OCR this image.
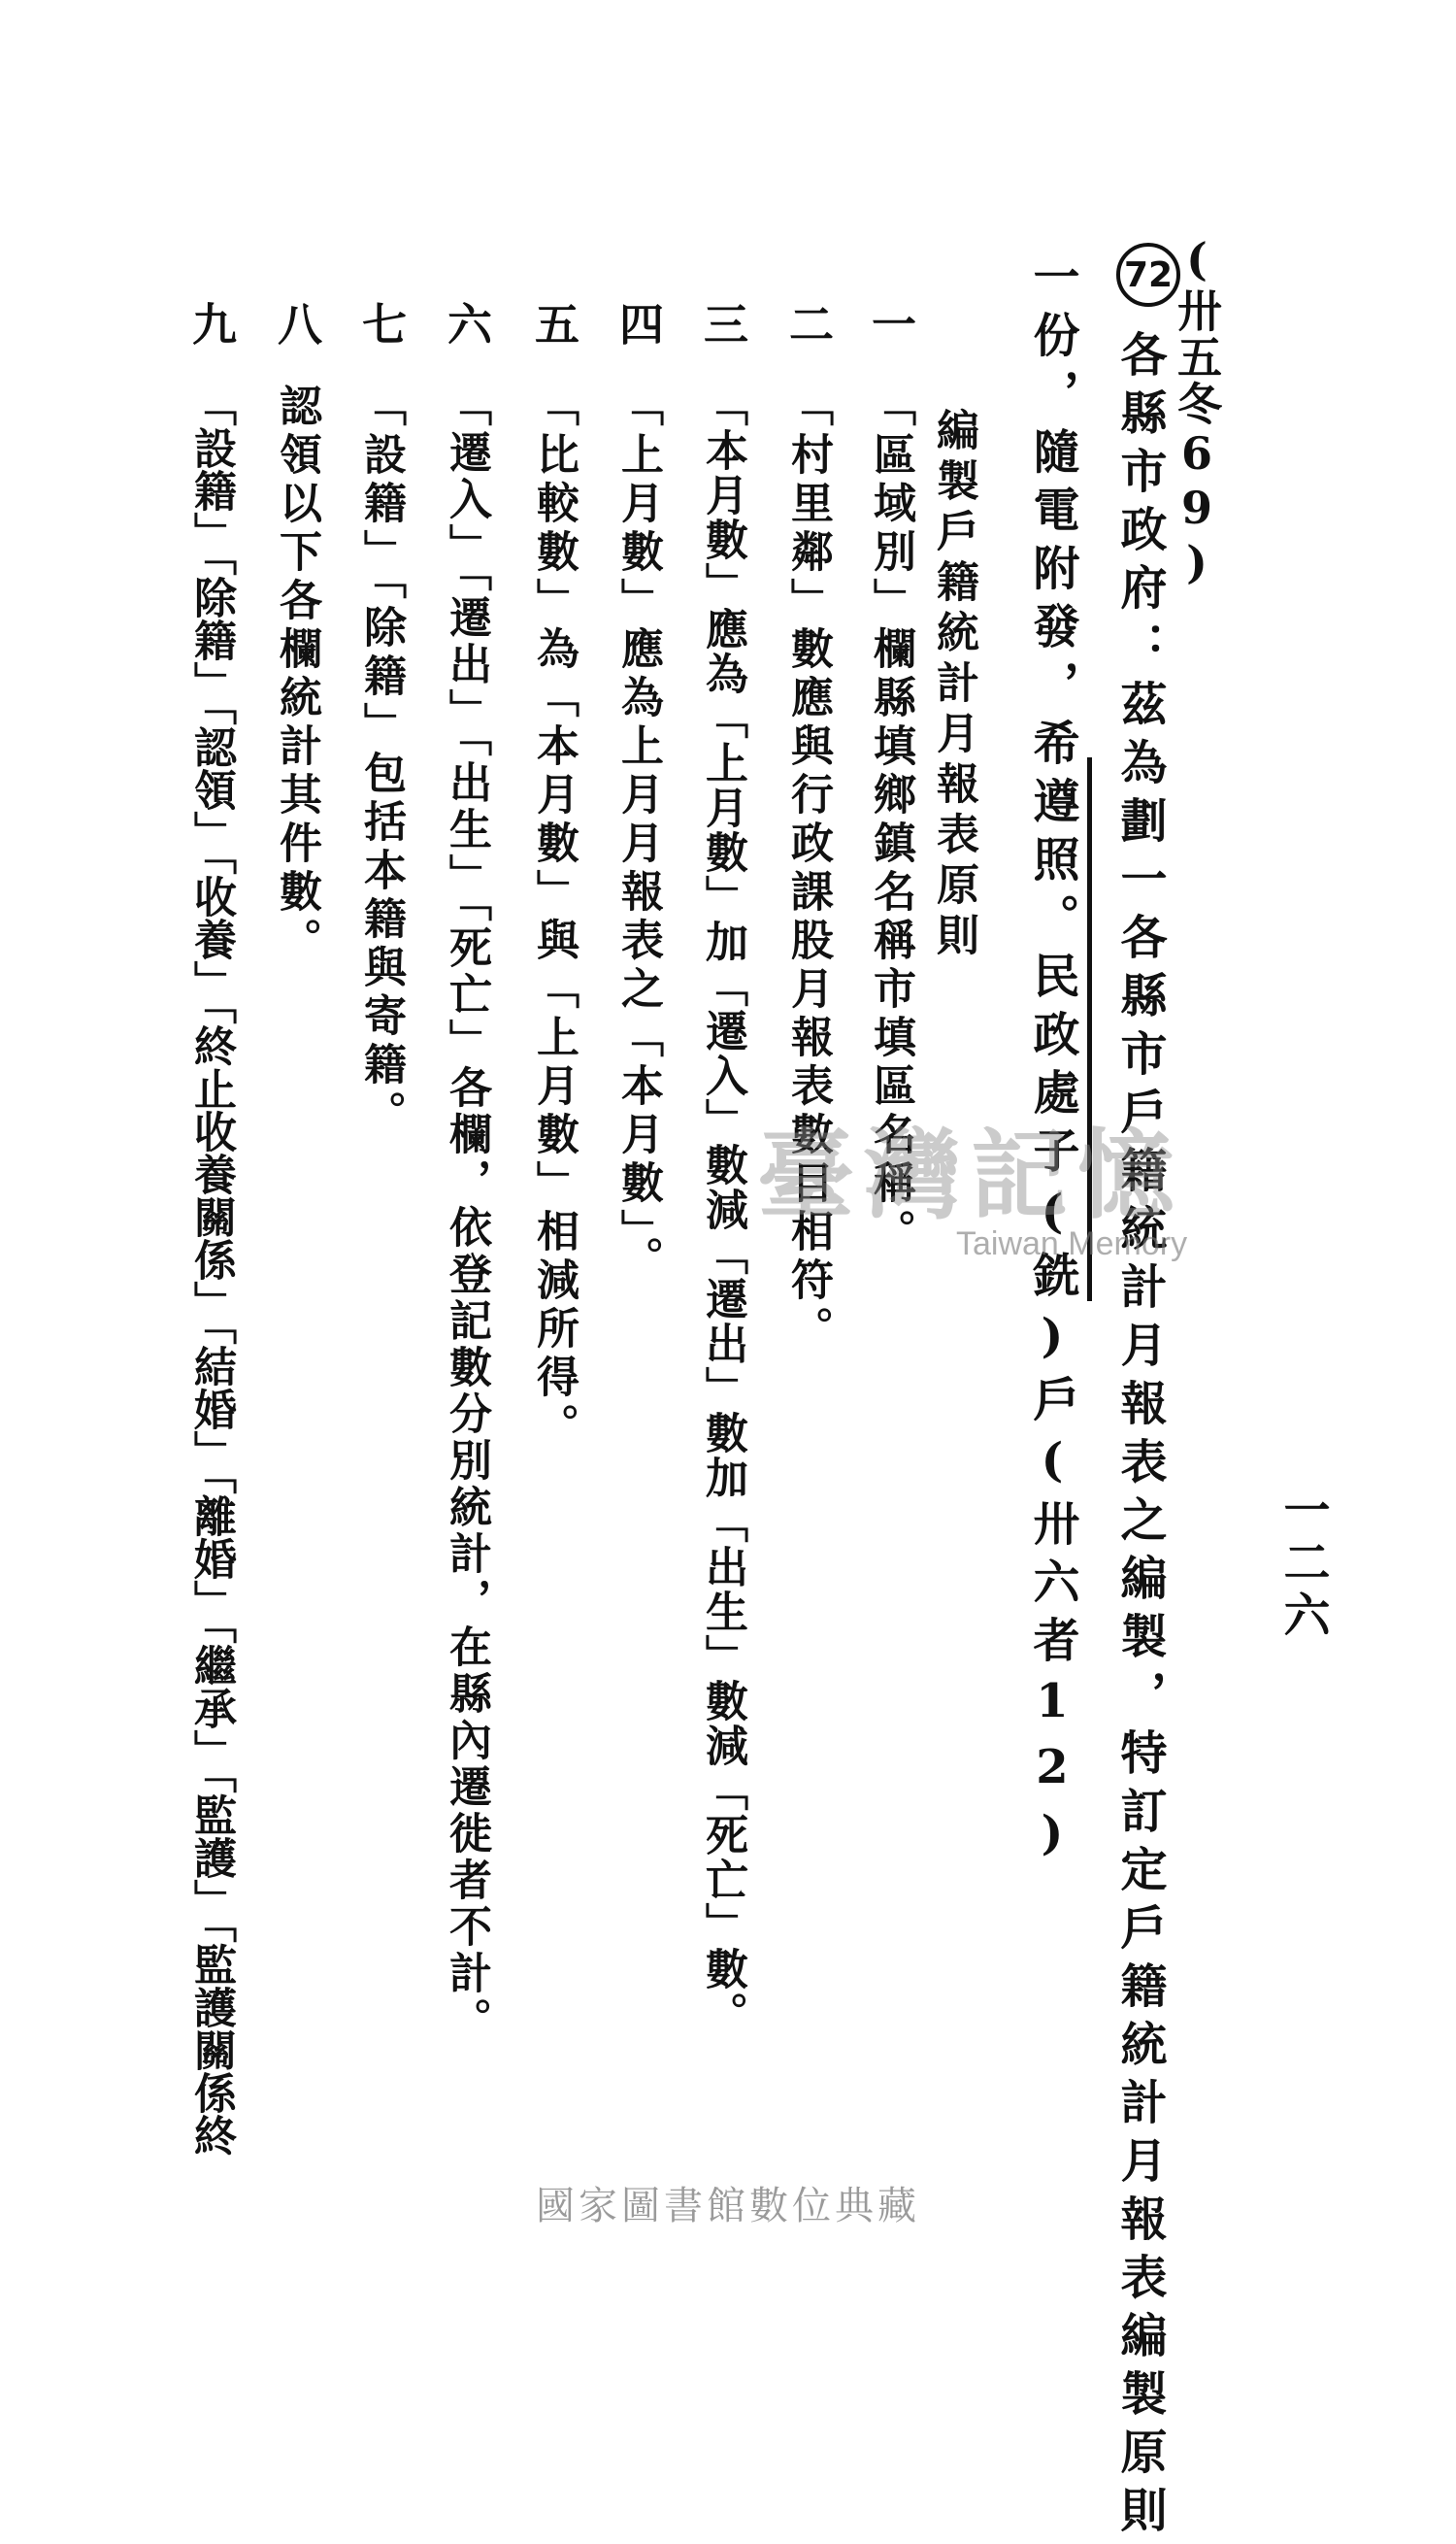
(卅五冬69)
72
各縣市政府：茲為劃一各縣市戶籍統計月報表之編製，特訂定戶籍統計月報表編製原則
一份，隨電附發，希遵照。民政處子(銑)戶(卅六者12)
編製戶籍統計月報表原則
一
「區域別」欄縣填鄉鎮名稱市填區名稱。
二
「村里鄰」數應與行政課股月報表數目相符。
三
「本月數」應為「上月數」加「遷入」數減「遷出」數加「出生」數減「死亡」數。
四
「上月數」應為上月月報表之「本月數」。
五
「比較數」為「本月數」與「上月數」相減所得。
六
「遷入」「遷出」「出生」「死亡」各欄，依登記數分別統計，在縣內遷徙者不計。
七
「設籍」「除籍」包括本籍與寄籍。
八
認領以下各欄統計其件數。
九
「設籍」「除籍」「認領」「收養」「終止收養關係」「結婚」「離婚」「繼承」「監護」「監護關係終	一二六
臺灣記憶
Taiwan Memory
國家圖書館數位典藏
